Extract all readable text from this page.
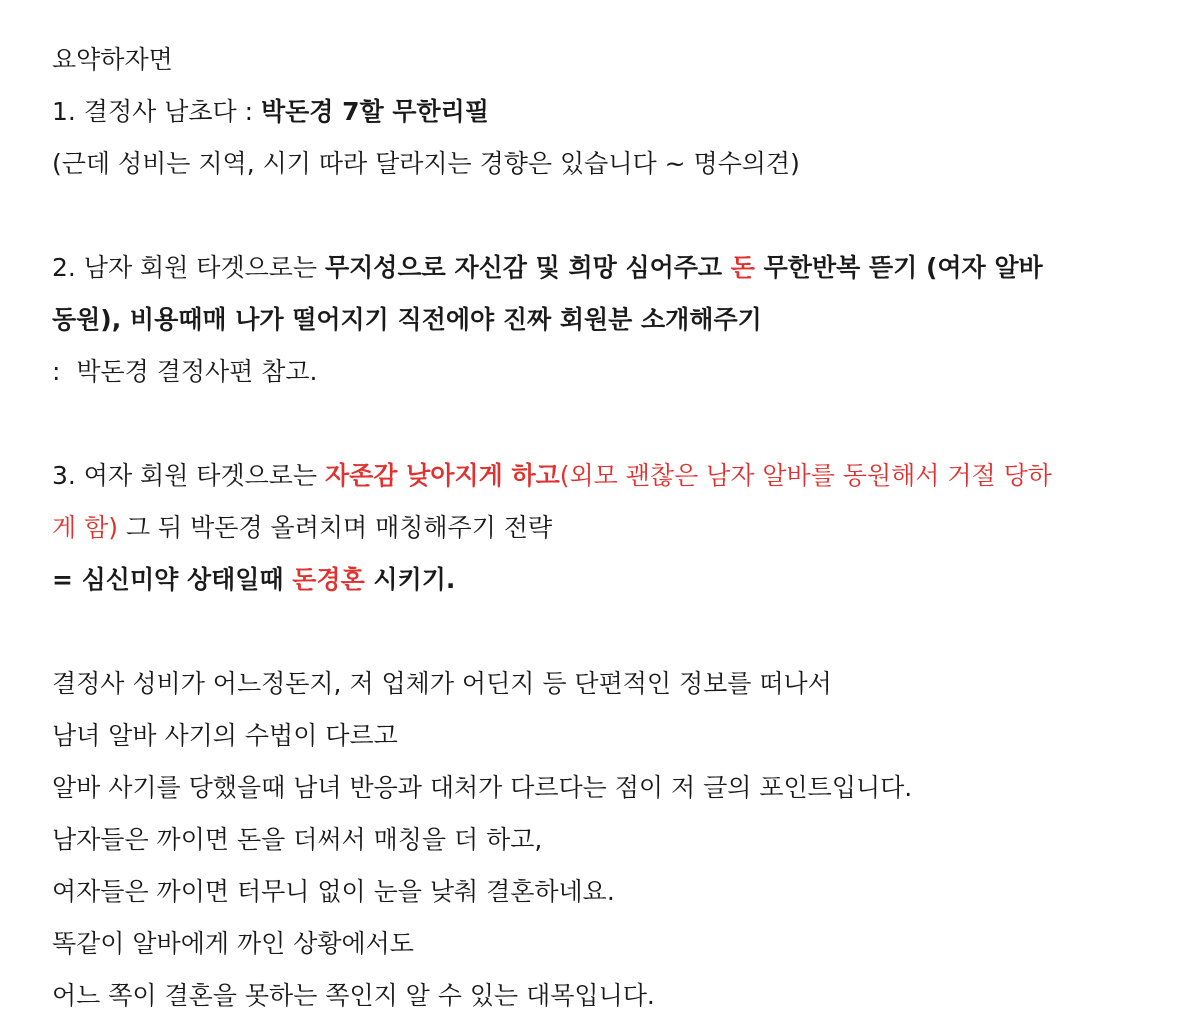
요약하자면
1. 결정사 남초다 : 박돈경 7할 무한리필
(근데 성비는 지역, 시기 따라 달라지는 경향은 있습니다 ~ 명수의견)
2. 남자 회원 타겟으로는 무지성으로 자신감 및 희망 심어주고 돈 무한반복 뜯기 (여자 알바
동원), 비용때매 나가 떨어지기 직전에야 진짜 회원분 소개해주기
:  박돈경 결정사편 참고.
3. 여자 회원 타겟으로는 자존감 낮아지게 하고(외모 괜찮은 남자 알바를 동원해서 거절 당하
게 함) 그 뒤 박돈경 올려치며 매칭해주기 전략
= 심신미약 상태일때 돈경혼 시키기.
결정사 성비가 어느정돈지, 저 업체가 어딘지 등 단편적인 정보를 떠나서
남녀 알바 사기의 수법이 다르고
알바 사기를 당했을때 남녀 반응과 대처가 다르다는 점이 저 글의 포인트입니다.
남자들은 까이면 돈을 더써서 매칭을 더 하고,
여자들은 까이면 터무니 없이 눈을 낮춰 결혼하네요.
똑같이 알바에게 까인 상황에서도
어느 쪽이 결혼을 못하는 쪽인지 알 수 있는 대목입니다.
